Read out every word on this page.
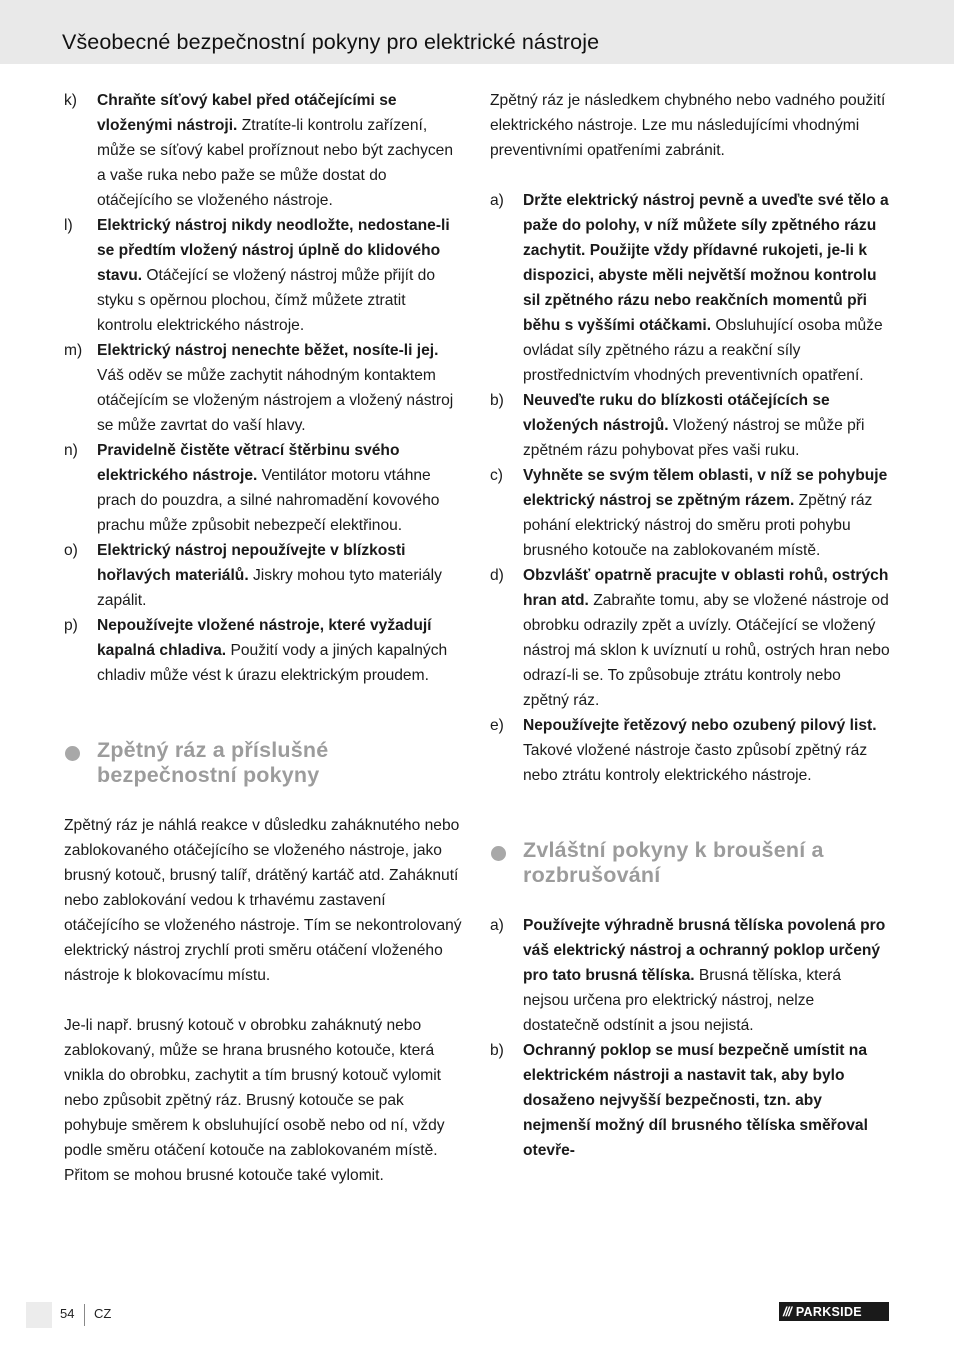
Všeobecné bezpečnostní pokyny pro elektrické nástroje
k) Chraňte síťový kabel před otáčejícími se vloženými nástroji. Ztratíte-li kontrolu zařízení, může se síťový kabel proříznout nebo být zachycen a vaše ruka nebo paže se může dostat do otáčejícího se vloženého nástroje.
l) Elektrický nástroj nikdy neodložte, nedostane-li se předtím vložený nástroj úplně do klidového stavu. Otáčející se vložený nástroj může přijít do styku s opěrnou plochou, čímž můžete ztratit kontrolu elektrického nástroje.
m) Elektrický nástroj nenechte běžet, nosíte-li jej. Váš oděv se může zachytit náhodným kontaktem otáčejícím se vloženým nástrojem a vložený nástroj se může zavrtat do vaší hlavy.
n) Pravidelně čistěte větrací štěrbinu svého elektrického nástroje. Ventilátor motoru vtáhne prach do pouzdra, a silné nahromadění kovového prachu může způsobit nebezpečí elektřinou.
o) Elektrický nástroj nepoužívejte v blízkosti hořlavých materiálů. Jiskry mohou tyto materiály zapálit.
p) Nepoužívejte vložené nástroje, které vyžadují kapalná chladiva. Použití vody a jiných kapalných chladiv může vést k úrazu elektrickým proudem.
Zpětný ráz a příslušné bezpečnostní pokyny

Zpětný ráz je náhlá reakce v důsledku zaháknutého nebo zablokovaného otáčejícího se vloženého nástroje, jako brusný kotouč, brusný talíř, drátěný kartáč atd. Zaháknutí nebo zablokování vedou k trhavému zastavení otáčejícího se vloženého nástroje. Tím se nekontrolovaný elektrický nástroj zrychlí proti směru otáčení vloženého nástroje k blokovacímu místu.

Je-li např. brusný kotouč v obrobku zaháknutý nebo zablokovaný, může se hrana brusného kotouče, která vnikla do obrobku, zachytit a tím brusný kotouč vylomit nebo způsobit zpětný ráz. Brusný kotouče se pak pohybuje směrem k obsluhující osobě nebo od ní, vždy podle směru otáčení kotouče na zablokovaném místě. Přitom se mohou brusné kotouče také vylomit.

Zpětný ráz je následkem chybného nebo vadného použití elektrického nástroje. Lze mu následujícími vhodnými preventivními opatřeními zabránit.

a) Držte elektrický nástroj pevně a uveďte své tělo a paže do polohy, v níž můžete síly zpětného rázu zachytit. Použijte vždy přídavné rukojeti, je-li k dispozici, abyste měli největší možnou kontrolu sil zpětného rázu nebo reakčních momentů při běhu s vyššími otáčkami. Obsluhující osoba může ovládat síly zpětného rázu a reakční síly prostřednictvím vhodných preventivních opatření.
b) Neuveďte ruku do blízkosti otáčejících se vložených nástrojů. Vložený nástroj se může při zpětném rázu pohybovat přes vaši ruku.
c) Vyhněte se svým tělem oblasti, v níž se pohybuje elektrický nástroj se zpětným rázem. Zpětný ráz pohání elektrický nástroj do směru proti pohybu brusného kotouče na zablokovaném místě.
d) Obzvlášť opatrně pracujte v oblasti rohů, ostrých hran atd. Zabraňte tomu, aby se vložené nástroje od obrobku odrazily zpět a uvízly. Otáčející se vložený nástroj má sklon k uvíznutí u rohů, ostrých hran nebo odrazí-li se. To způsobuje ztrátu kontroly nebo zpětný ráz.
e) Nepoužívejte řetězový nebo ozubený pilový list. Takové vložené nástroje často způsobí zpětný ráz nebo ztrátu kontroly elektrického nástroje.
Zvláštní pokyny k broušení a rozbrušování
a) Používejte výhradně brusná tělíska povolená pro váš elektrický nástroj a ochranný poklop určený pro tato brusná tělíska. Brusná tělíska, která nejsou určena pro elektrický nástroj, nelze dostatečně odstínit a jsou nejistá.
b) Ochranný poklop se musí bezpečně umístit na elektrickém nástroji a nastavit tak, aby bylo dosaženo nejvyšší bezpečnosti, tzn. aby nejmenší možný díl brusného tělíska směřoval otevře-
54 CZ	/// PARKSIDE
